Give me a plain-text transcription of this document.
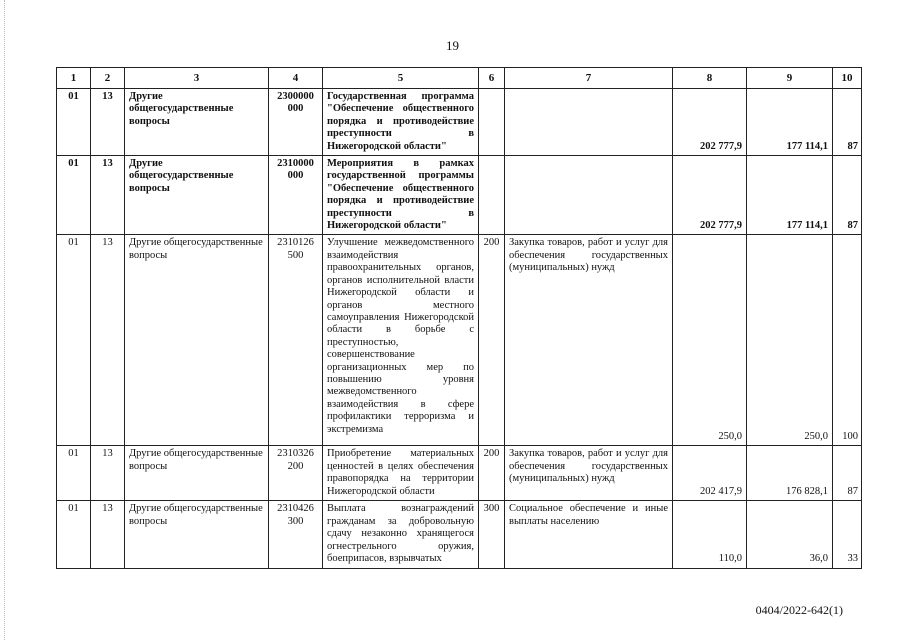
19
1	2	3	4	5	6	7	8	9	10
01	13	Другие общегосударственные вопросы	2300000 000	Государственная программа "Обеспечение общественного порядка и противодействие преступности в Нижегородской области"			202 777,9	177 114,1	87
01	13	Другие общегосударственные вопросы	2310000 000	Мероприятия в рамках государственной программы "Обеспечение общественного порядка и противодействие преступности в Нижегородской области"			202 777,9	177 114,1	87
01	13	Другие общегосударственные вопросы	2310126 500	Улучшение межведомственного взаимодействия правоохранительных органов, органов исполнительной власти Нижегородской области и органов местного самоуправления Нижегородской области в борьбе с преступностью, совершенствование организационных мер по повышению уровня межведомственного взаимодействия в сфере профилактики терроризма и экстремизма	200	Закупка товаров, работ и услуг для обеспечения государственных (муниципальных) нужд	250,0	250,0	100
01	13	Другие общегосударственные вопросы	2310326 200	Приобретение материальных ценностей в целях обеспечения правопорядка на территории Нижегородской области	200	Закупка товаров, работ и услуг для обеспечения государственных (муниципальных) нужд	202 417,9	176 828,1	87
01	13	Другие общегосударственные вопросы	2310426 300	Выплата вознаграждений гражданам за добровольную сдачу незаконно хранящегося огнестрельного оружия, боеприпасов, взрывчатых	300	Социальное обеспечение и иные выплаты населению	110,0	36,0	33
0404/2022-642(1)
